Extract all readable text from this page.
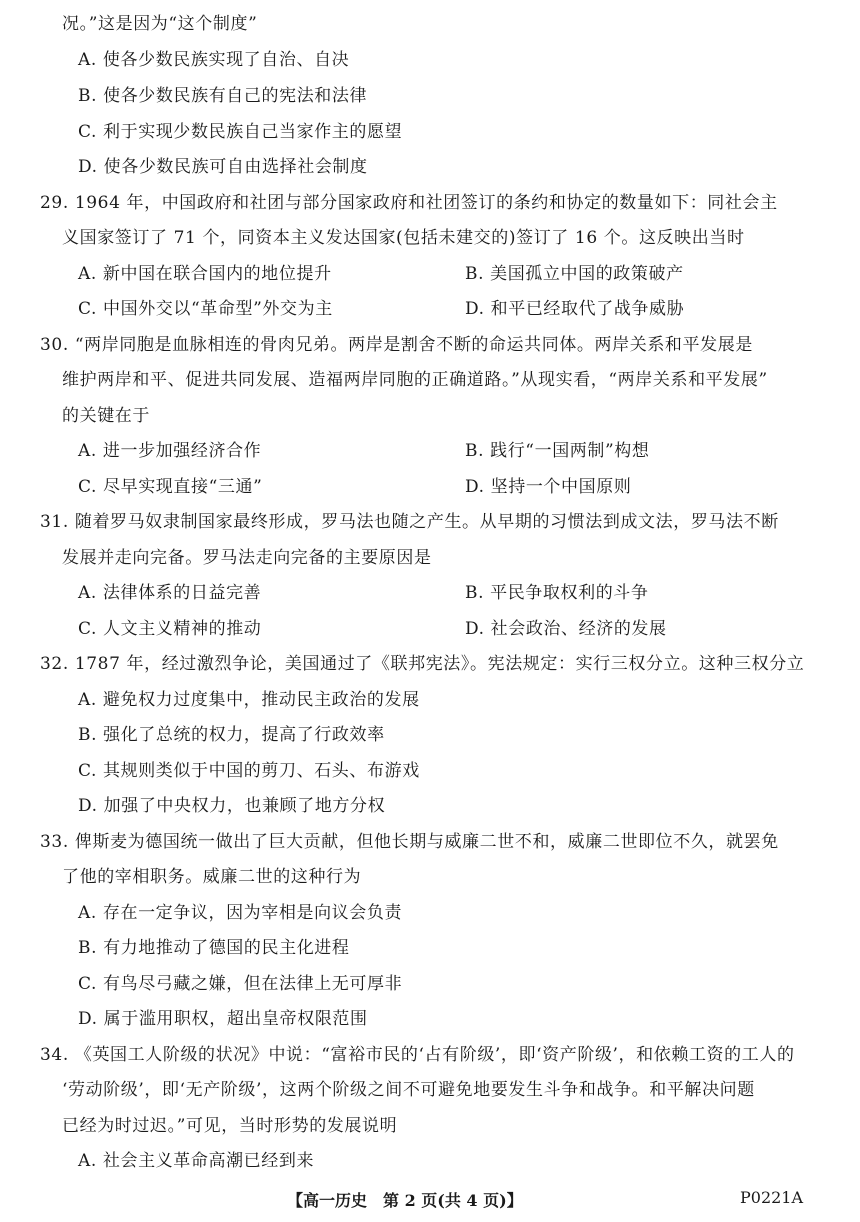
况。”这是因为“这个制度”
A. 使各少数民族实现了自治、自决
B. 使各少数民族有自己的宪法和法律
C. 利于实现少数民族自己当家作主的愿望
D. 使各少数民族可自由选择社会制度
29. 1964 年，中国政府和社团与部分国家政府和社团签订的条约和协定的数量如下：同社会主
义国家签订了 71 个，同资本主义发达国家(包括未建交的)签订了 16 个。这反映出当时
A. 新中国在联合国内的地位提升	B. 美国孤立中国的政策破产
C. 中国外交以“革命型”外交为主	D. 和平已经取代了战争威胁
30. “两岸同胞是血脉相连的骨肉兄弟。两岸是割舍不断的命运共同体。两岸关系和平发展是
维护两岸和平、促进共同发展、造福两岸同胞的正确道路。”从现实看，“两岸关系和平发展”
的关键在于
A. 进一步加强经济合作	B. 践行“一国两制”构想
C. 尽早实现直接“三通”	D. 坚持一个中国原则
31. 随着罗马奴隶制国家最终形成，罗马法也随之产生。从早期的习惯法到成文法，罗马法不断
发展并走向完备。罗马法走向完备的主要原因是
A. 法律体系的日益完善	B. 平民争取权利的斗争
C. 人文主义精神的推动	D. 社会政治、经济的发展
32. 1787 年，经过激烈争论，美国通过了《联邦宪法》。宪法规定：实行三权分立。这种三权分立
A. 避免权力过度集中，推动民主政治的发展
B. 强化了总统的权力，提高了行政效率
C. 其规则类似于中国的剪刀、石头、布游戏
D. 加强了中央权力，也兼顾了地方分权
33. 俾斯麦为德国统一做出了巨大贡献，但他长期与威廉二世不和，威廉二世即位不久，就罢免
了他的宰相职务。威廉二世的这种行为
A. 存在一定争议，因为宰相是向议会负责
B. 有力地推动了德国的民主化进程
C. 有鸟尽弓藏之嫌，但在法律上无可厚非
D. 属于滥用职权，超出皇帝权限范围
34. 《英国工人阶级的状况》中说：“富裕市民的‘占有阶级’，即‘资产阶级’，和依赖工资的工人的
‘劳动阶级’，即‘无产阶级’，这两个阶级之间不可避免地要发生斗争和战争。和平解决问题
已经为时过迟。”可见，当时形势的发展说明
A. 社会主义革命高潮已经到来
【高一历史　第 2 页(共 4 页)】	P0221A
